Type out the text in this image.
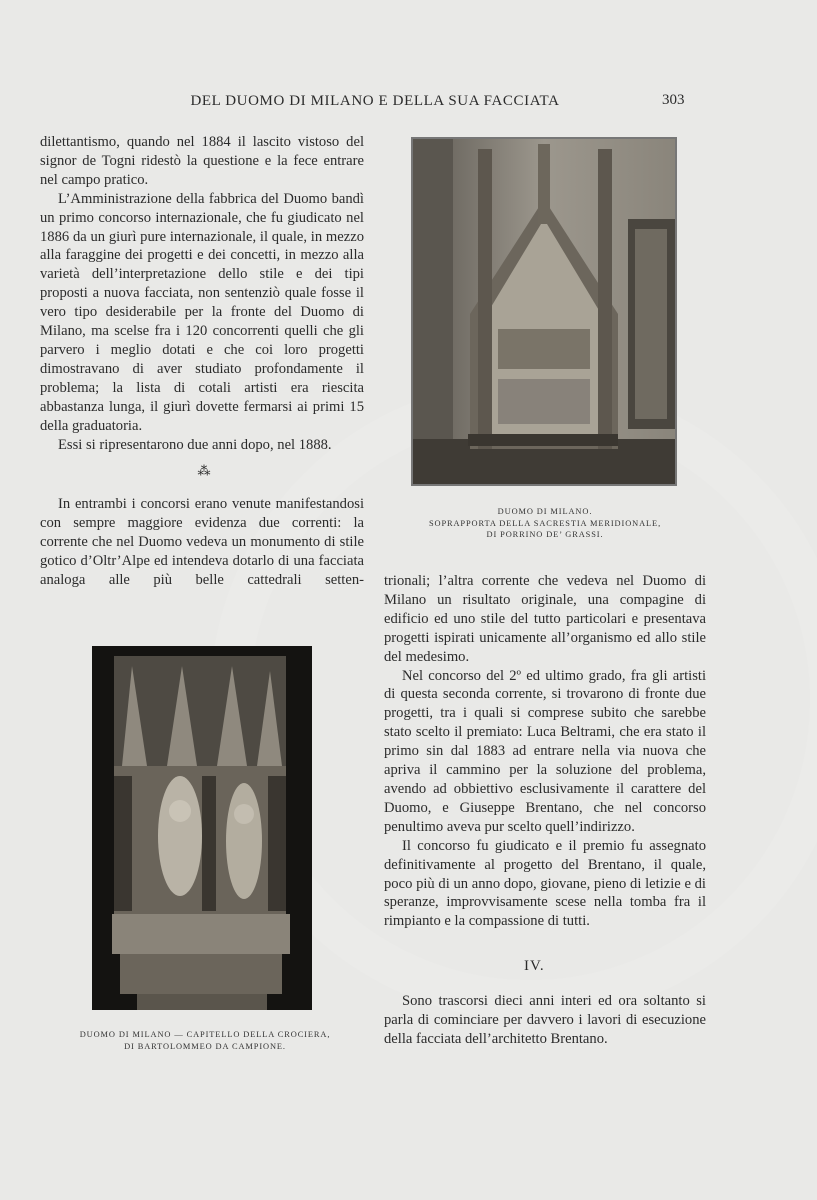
DEL DUOMO DI MILANO E DELLA SUA FACCIATA	303

dilettantismo, quando nel 1884 il lascito vistoso del signor de Togni ridestò la questione e la fece entrare nel campo pratico.

L’Amministrazione della fabbrica del Duomo bandì un primo concorso internazionale, che fu giudicato nel 1886 da un giurì pure internazionale, il quale, in mezzo alla faraggine dei progetti e dei concetti, in mezzo alla varietà dell’interpretazione dello stile e dei tipi proposti a nuova facciata, non sentenziò quale fosse il vero tipo desiderabile per la fronte del Duomo di Milano, ma scelse fra i 120 concorrenti quelli che gli parvero i meglio dotati e che coi loro progetti dimostravano di aver studiato profondamente il problema; la lista di cotali artisti era riescita abbastanza lunga, il giurì dovette fermarsi ai primi 15 della graduatoria.

Essi si ripresentarono due anni dopo, nel 1888.

⁂

In entrambi i concorsi erano venute manifestandosi con sempre maggiore evidenza due correnti: la corrente che nel Duomo vedeva un monumento di stile gotico d’Oltr’Alpe ed intendeva dotarlo di una facciata analoga alle più belle cattedrali setten-

DUOMO DI MILANO.
SOPRAPPORTA DELLA SACRESTIA MERIDIONALE,
DI PORRINO DE’ GRASSI.

trionali; l’altra corrente che vedeva nel Duomo di Milano un risultato originale, una compagine di edificio ed uno stile del tutto particolari e presentava progetti ispirati unicamente all’organismo ed allo stile del medesimo.

Nel concorso del 2º ed ultimo grado, fra gli artisti di questa seconda corrente, si trovarono di fronte due progetti, tra i quali si comprese subito che sarebbe stato scelto il premiato: Luca Beltrami, che era stato il primo sin dal 1883 ad entrare nella via nuova che apriva il cammino per la soluzione del problema, avendo ad obbiettivo esclusivamente il carattere del Duomo, e Giuseppe Brentano, che nel concorso penultimo aveva pur scelto quell’indirizzo.

Il concorso fu giudicato e il premio fu assegnato definitivamente al progetto del Brentano, il quale, poco più di un anno dopo, giovane, pieno di letizie e di speranze, improvvisamente scese nella tomba fra il rimpianto e la compassione di tutti.

IV.

Sono trascorsi dieci anni interi ed ora soltanto si parla di cominciare per davvero i lavori di esecuzione della facciata dell’architetto Brentano.

DUOMO DI MILANO — CAPITELLO DELLA CROCIERA,
DI BARTOLOMMEO DA CAMPIONE.
